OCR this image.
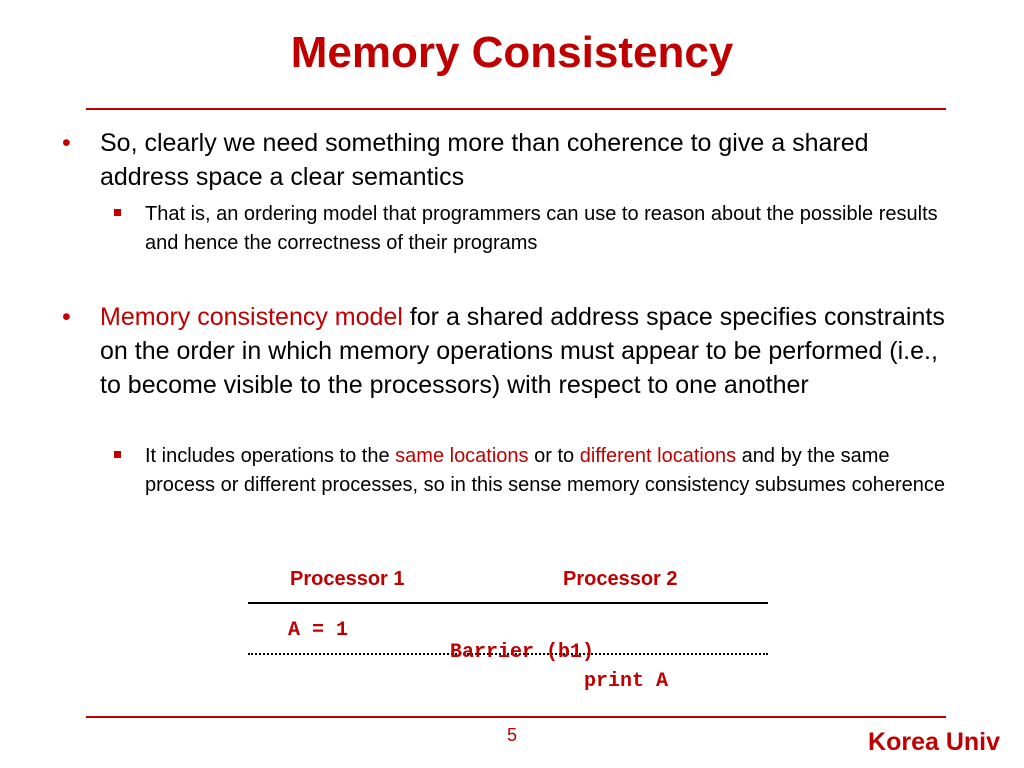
Memory Consistency
• So, clearly we need something more than coherence to give a shared address space a clear semantics
That is, an ordering model that programmers can use to reason about the possible results and hence the correctness of their programs
• Memory consistency model for a shared address space specifies constraints on the order in which memory operations must appear to be performed (i.e., to become visible to the processors) with respect to one another
It includes operations to the same locations or to different locations and by the same process or different processes, so in this sense memory consistency subsumes coherence
Processor 1	Processor 2
A = 1
Barrier (b1)
print A
5	Korea Univ
